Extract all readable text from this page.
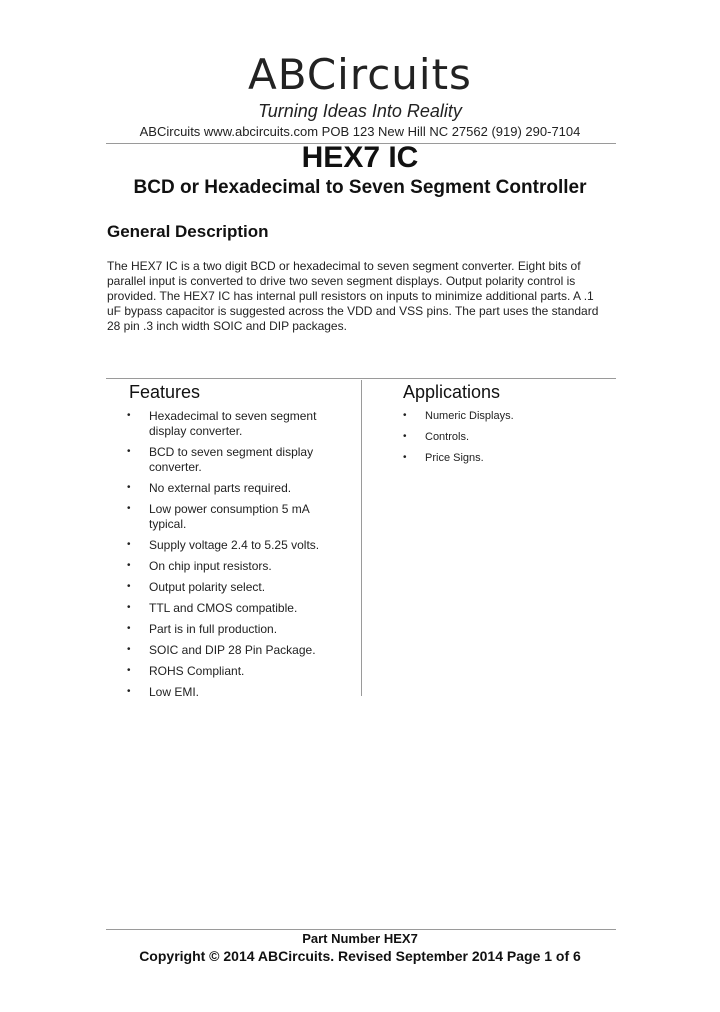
ABCircuits
Turning Ideas Into Reality
ABCircuits www.abcircuits.com POB 123 New Hill NC 27562 (919) 290-7104
HEX7 IC
BCD or Hexadecimal to Seven Segment Controller
General Description
The HEX7 IC is a two digit BCD or hexadecimal to seven segment converter. Eight bits of parallel input is converted to drive two seven segment displays. Output polarity control is provided. The HEX7 IC has internal pull resistors on inputs to minimize additional parts. A .1 uF bypass capacitor is suggested across the VDD and VSS pins. The part uses the standard 28 pin .3 inch width SOIC and DIP packages.
Features
• Hexadecimal to seven segment display converter.
• BCD to seven segment display converter.
• No external parts required.
• Low power consumption 5 mA typical.
• Supply voltage 2.4 to 5.25 volts.
• On chip input resistors.
• Output polarity select.
• TTL and CMOS compatible.
• Part is in full production.
• SOIC and DIP 28 Pin Package.
• ROHS Compliant.
• Low EMI.
Applications
• Numeric Displays.
• Controls.
• Price Signs.
Part Number HEX7
Copyright © 2014 ABCircuits. Revised September 2014 Page 1 of 6
